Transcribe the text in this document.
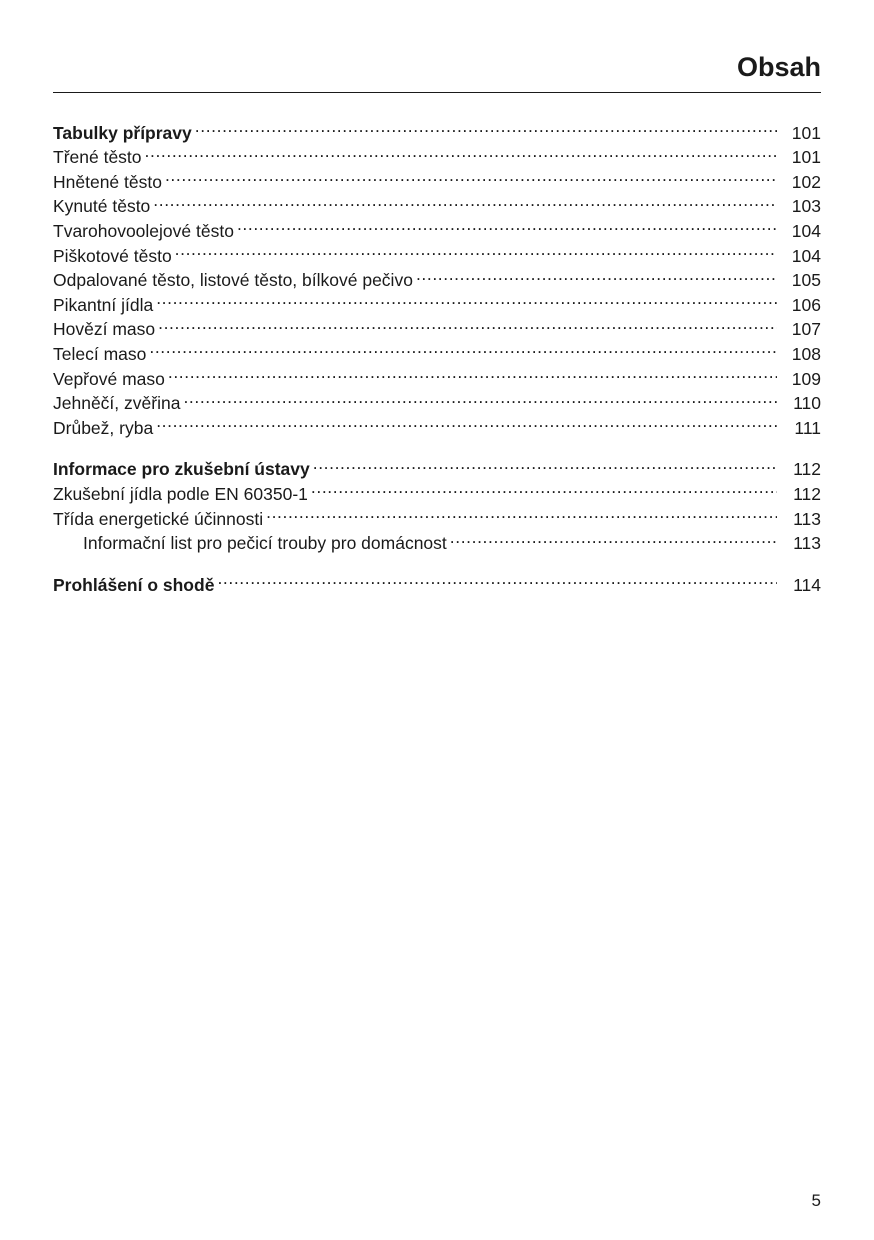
Obsah
Tabulky přípravy .....	101
Třené těsto .....	101
Hnětené těsto .....	102
Kynuté těsto .....	103
Tvarohovoolejové těsto .....	104
Piškotové těsto .....	104
Odpalované těsto, listové těsto, bílkové pečivo .....	105
Pikantní jídla .....	106
Hovězí maso .....	107
Telecí maso .....	108
Vepřové maso .....	109
Jehněčí, zvěřina .....	110
Drůbež, ryba .....	111
Informace pro zkušební ústavy .....	112
Zkušební jídla podle EN 60350-1 .....	112
Třída energetické účinnosti .....	113
Informační list pro pečicí trouby pro domácnost .....	113
Prohlášení o shodě .....	114
5
